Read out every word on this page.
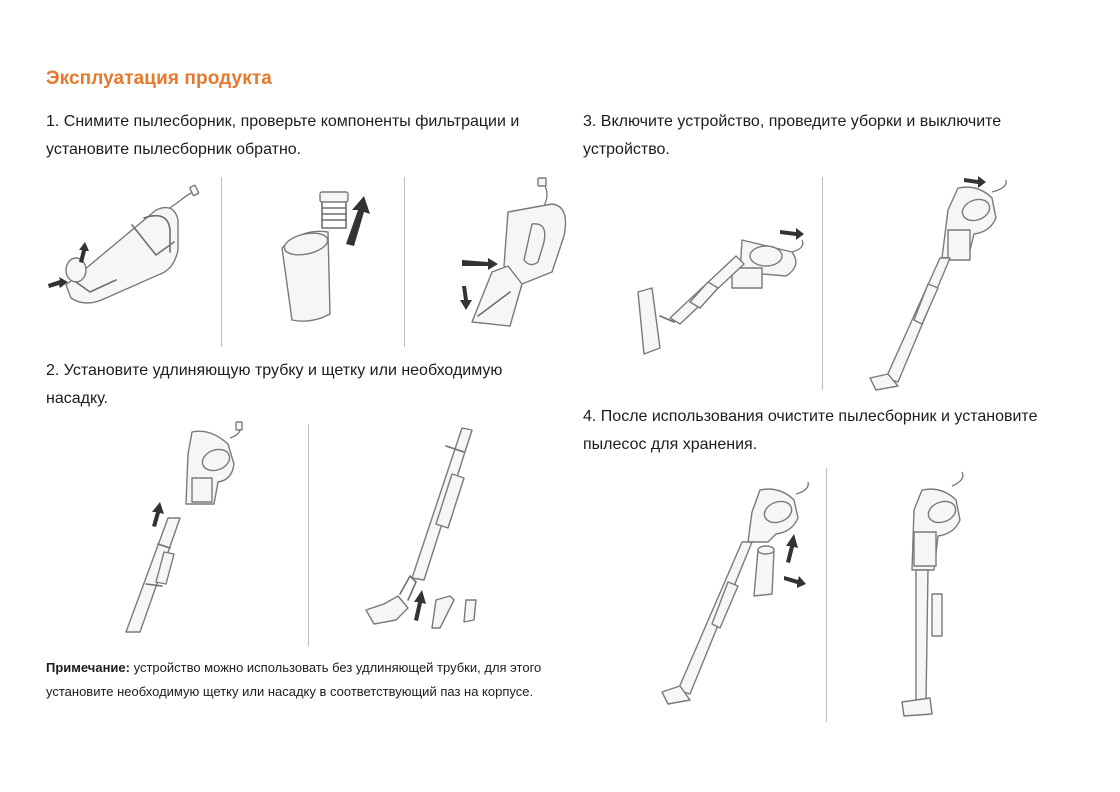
Эксплуатация продукта
1. Снимите пылесборник, проверьте компоненты фильтрации и установите пылесборник обратно.
2. Установите удлиняющую трубку и щетку или необходимую насадку.
3. Включите устройство, проведите уборки и выключите устройство.
4. После использования очистите пылесборник и установите пылесос для хранения.
Примечание: устройство можно использовать без удлиняющей трубки, для этого установите необходимую щетку или насадку в соответствующий паз на корпусе.
